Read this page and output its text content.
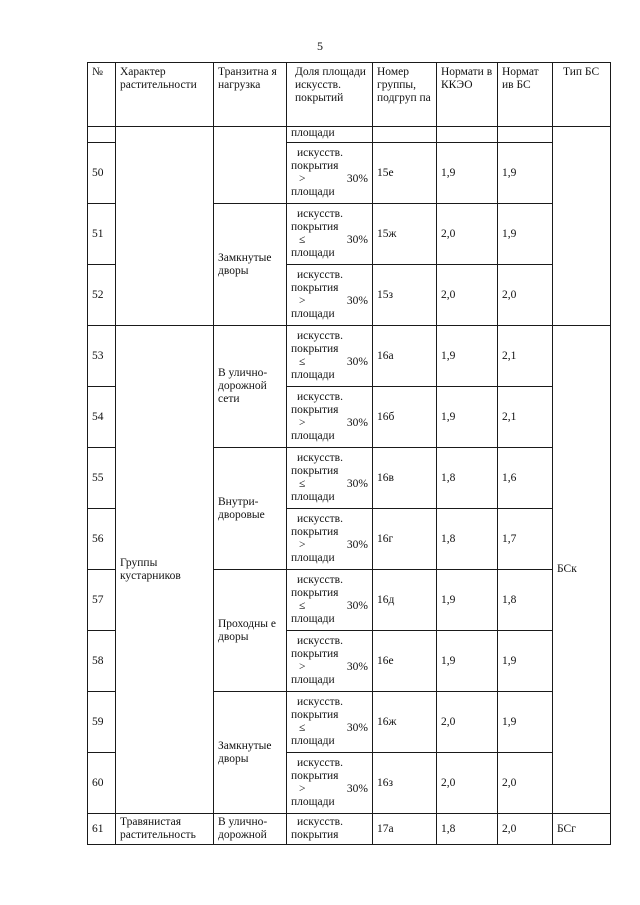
5
№	Характер растительности	Транзитна я нагрузка	Доля площади искусств. покрытий	Номер группы, подгруп па	Нормати в ККЭО	Нормат ив БС	Тип БС

			площади				

50			искусств.
покрытия
> 30%
площади	15е	1,9	1,9	
51		Замкнутые дворы	искусств.
покрытия
≤ 30%
площади	15ж	2,0	1,9	
52			искусств.
покрытия
> 30%
площади	15з	2,0	2,0	
53	Группы кустарников	В улично-дорожной сети	искусств.
покрытия
≤ 30%
площади	16а	1,9	2,1	БСк
54			искусств.
покрытия
> 30%
площади	16б	1,9	2,1	
55		Внутри-дворовые	искусств.
покрытия
≤ 30%
площади	16в	1,8	1,6	
56			искусств.
покрытия
> 30%
площади	16г	1,8	1,7	
57		Проходны е дворы	искусств.
покрытия
≤ 30%
площади	16д	1,9	1,8	
58			искусств.
покрытия
> 30%
площади	16е	1,9	1,9	
59		Замкнутые дворы	искусств.
покрытия
≤ 30%
площади	16ж	2,0	1,9	
60			искусств.
покрытия
> 30%
площади	16з	2,0	2,0	
61	Травянистая растительность	В улично-дорожной	искусств.
покрытия	17а	1,8	2,0	БСг
